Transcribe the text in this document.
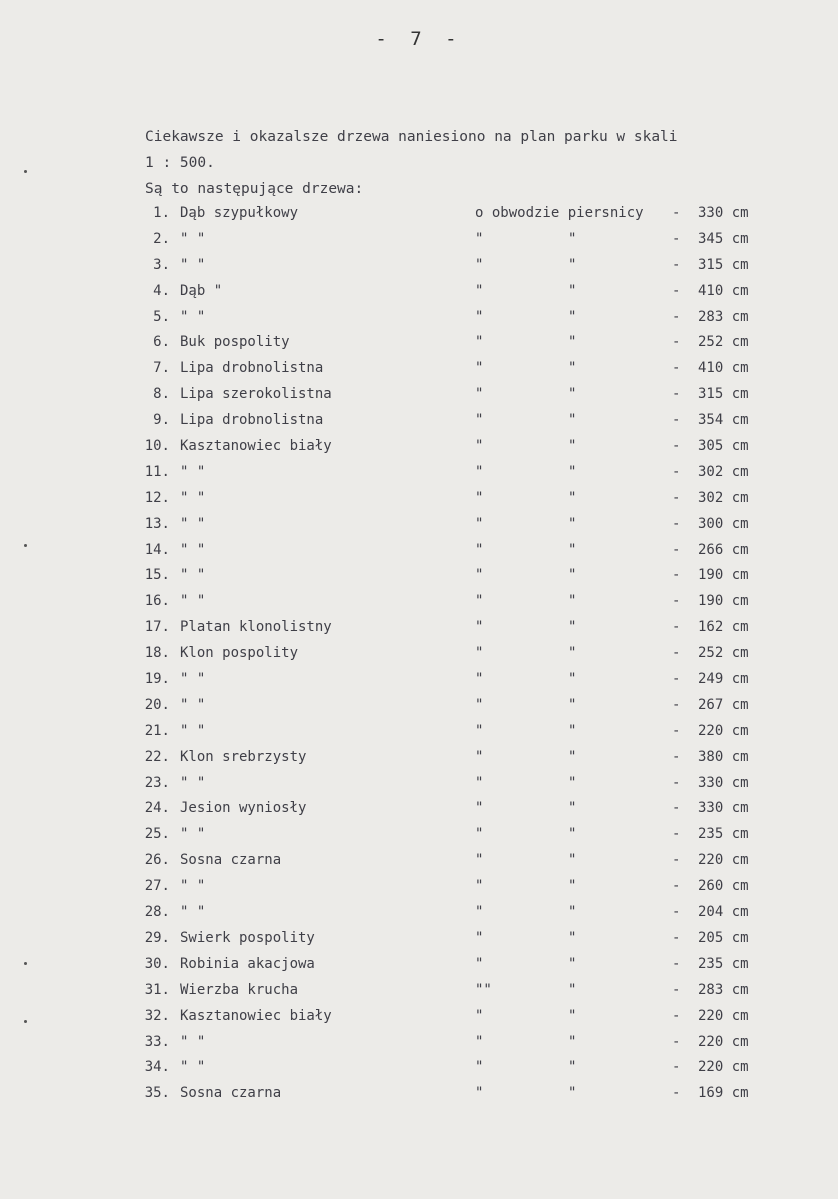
- 7 -
Ciekawsze i okazalsze drzewa naniesiono na plan parku w skali
1 : 500.
Są to następujące drzewa:
1. Dąb szypułkowy	o obwodzie piersnicy - 330 cm
2. " "	"	"	- 345 cm
3. " "	"	"	- 315 cm
4. Dąb "	"	"	- 410 cm
5. " "	"	"	- 283 cm
6. Buk pospolity	"	"	- 252 cm
7. Lipa drobnolistna	"	"	- 410 cm
8. Lipa szerokolistna	"	"	- 315 cm
9. Lipa drobnolistna	"	"	- 354 cm
10. Kasztanowiec biały	"	"	- 305 cm
11. " "	"	"	- 302 cm
12. " "	"	"	- 302 cm
13. " "	"	"	- 300 cm
14. " "	"	"	- 266 cm
15. " "	"	"	- 190 cm
16. " "	"	"	- 190 cm
17. Platan klonolistny	"	"	- 162 cm
18. Klon pospolity	"	"	- 252 cm
19. " "	"	"	- 249 cm
20. " "	"	"	- 267 cm
21. " "	"	"	- 220 cm
22. Klon srebrzysty	"	"	- 380 cm
23. " "	"	"	- 330 cm
24. Jesion wyniosły	"	"	- 330 cm
25. " "	"	"	- 235 cm
26. Sosna czarna	"	"	- 220 cm
27. " "	"	"	- 260 cm
28. " "	"	"	- 204 cm
29. Swierk pospolity	"	"	- 205 cm
30. Robinia akacjowa	"	"	- 235 cm
31. Wierzba krucha	""	"	- 283 cm
32. Kasztanowiec biały	"	"	- 220 cm
33. " "	"	"	- 220 cm
34. " "	"	"	- 220 cm
35. Sosna czarna	"	"	- 169 cm
